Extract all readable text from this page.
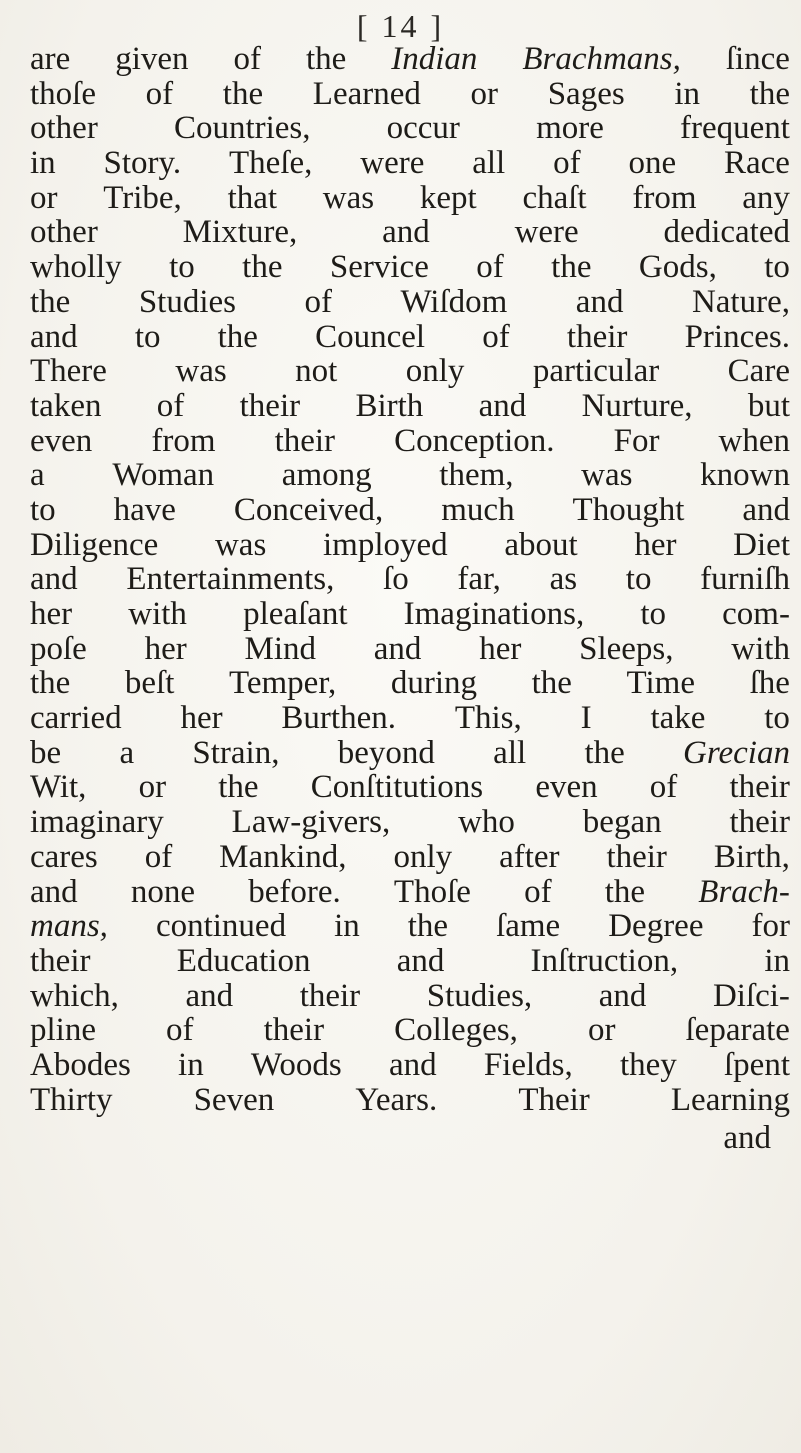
[ 14 ]
are given of the Indian Brachmans, ſince
thoſe of the Learned or Sages in the
other Countries, occur more frequent
in Story. Theſe, were all of one Race
or Tribe, that was kept chaſt from any
other	Mixture,	and	were	dedicated
wholly to the Service of the Gods, to
the Studies of Wiſdom and Nature,
and to the Councel of their Princes.
There was not only particular Care
taken of their Birth and Nurture, but
even from their Conception. For when
a Woman among them, was known
to have Conceived, much Thought and
Diligence was imployed about her Diet
and Entertainments, ſo far, as to furniſh
her with pleaſant Imaginations, to com-
poſe her Mind and her Sleeps, with
the beſt Temper, during the Time ſhe
carried her Burthen. This, I take to
be a Strain, beyond all the Grecian
Wit, or the Conſtitutions even of their
imaginary Law-givers, who began their
cares of Mankind, only after their Birth,
and none before. Thoſe of the Brach-
mans, continued in the ſame Degree for
their	Education	and	Inſtruction,	in
which, and their Studies, and Diſci-
pline of their Colleges, or ſeparate
Abodes in Woods and Fields, they ſpent
Thirty Seven Years. Their Learning
and
